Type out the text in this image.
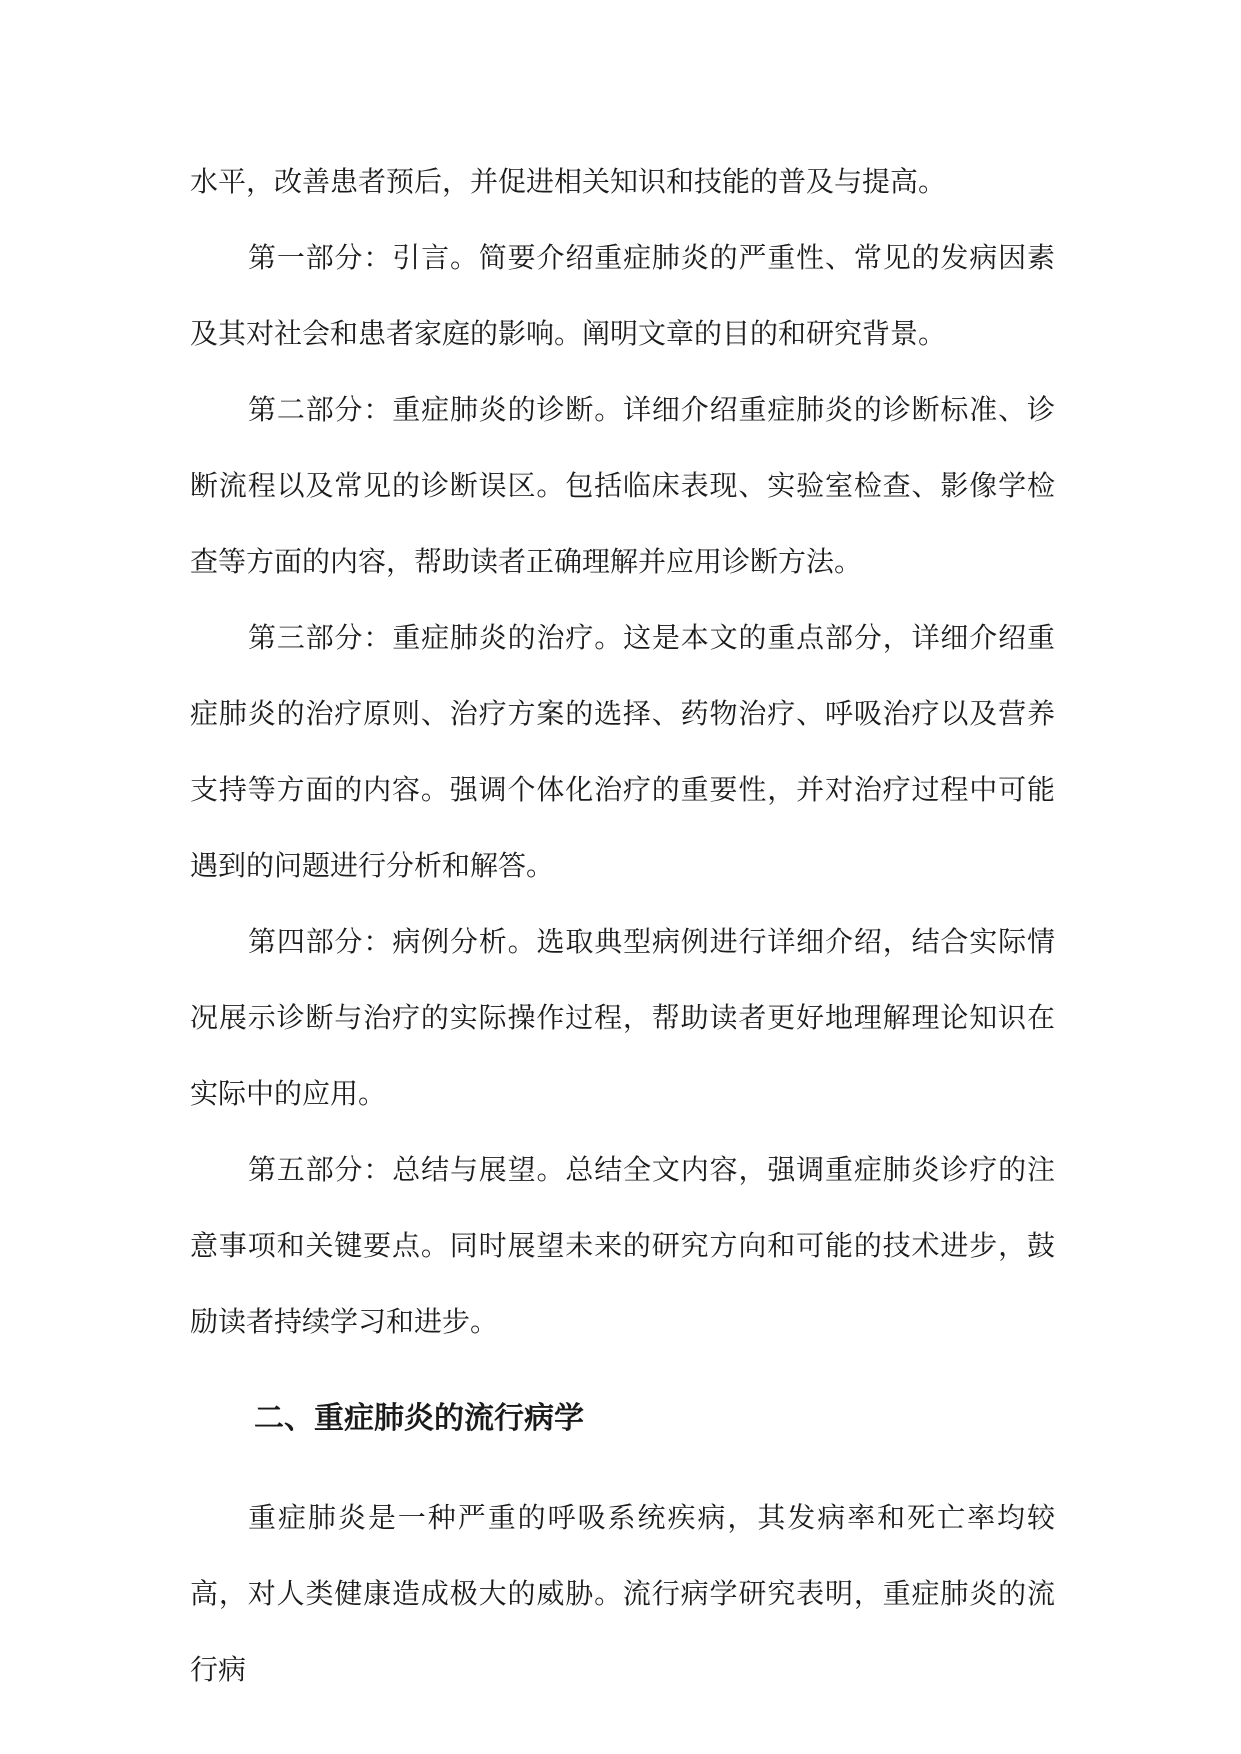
水平，改善患者预后，并促进相关知识和技能的普及与提高。

第一部分：引言。简要介绍重症肺炎的严重性、常见的发病因素及其对社会和患者家庭的影响。阐明文章的目的和研究背景。

第二部分：重症肺炎的诊断。详细介绍重症肺炎的诊断标准、诊断流程以及常见的诊断误区。包括临床表现、实验室检查、影像学检查等方面的内容，帮助读者正确理解并应用诊断方法。

第三部分：重症肺炎的治疗。这是本文的重点部分，详细介绍重症肺炎的治疗原则、治疗方案的选择、药物治疗、呼吸治疗以及营养支持等方面的内容。强调个体化治疗的重要性，并对治疗过程中可能遇到的问题进行分析和解答。

第四部分：病例分析。选取典型病例进行详细介绍，结合实际情况展示诊断与治疗的实际操作过程，帮助读者更好地理解理论知识在实际中的应用。

第五部分：总结与展望。总结全文内容，强调重症肺炎诊疗的注意事项和关键要点。同时展望未来的研究方向和可能的技术进步，鼓励读者持续学习和进步。

二、重症肺炎的流行病学

重症肺炎是一种严重的呼吸系统疾病，其发病率和死亡率均较高，对人类健康造成极大的威胁。流行病学研究表明，重症肺炎的流行病
